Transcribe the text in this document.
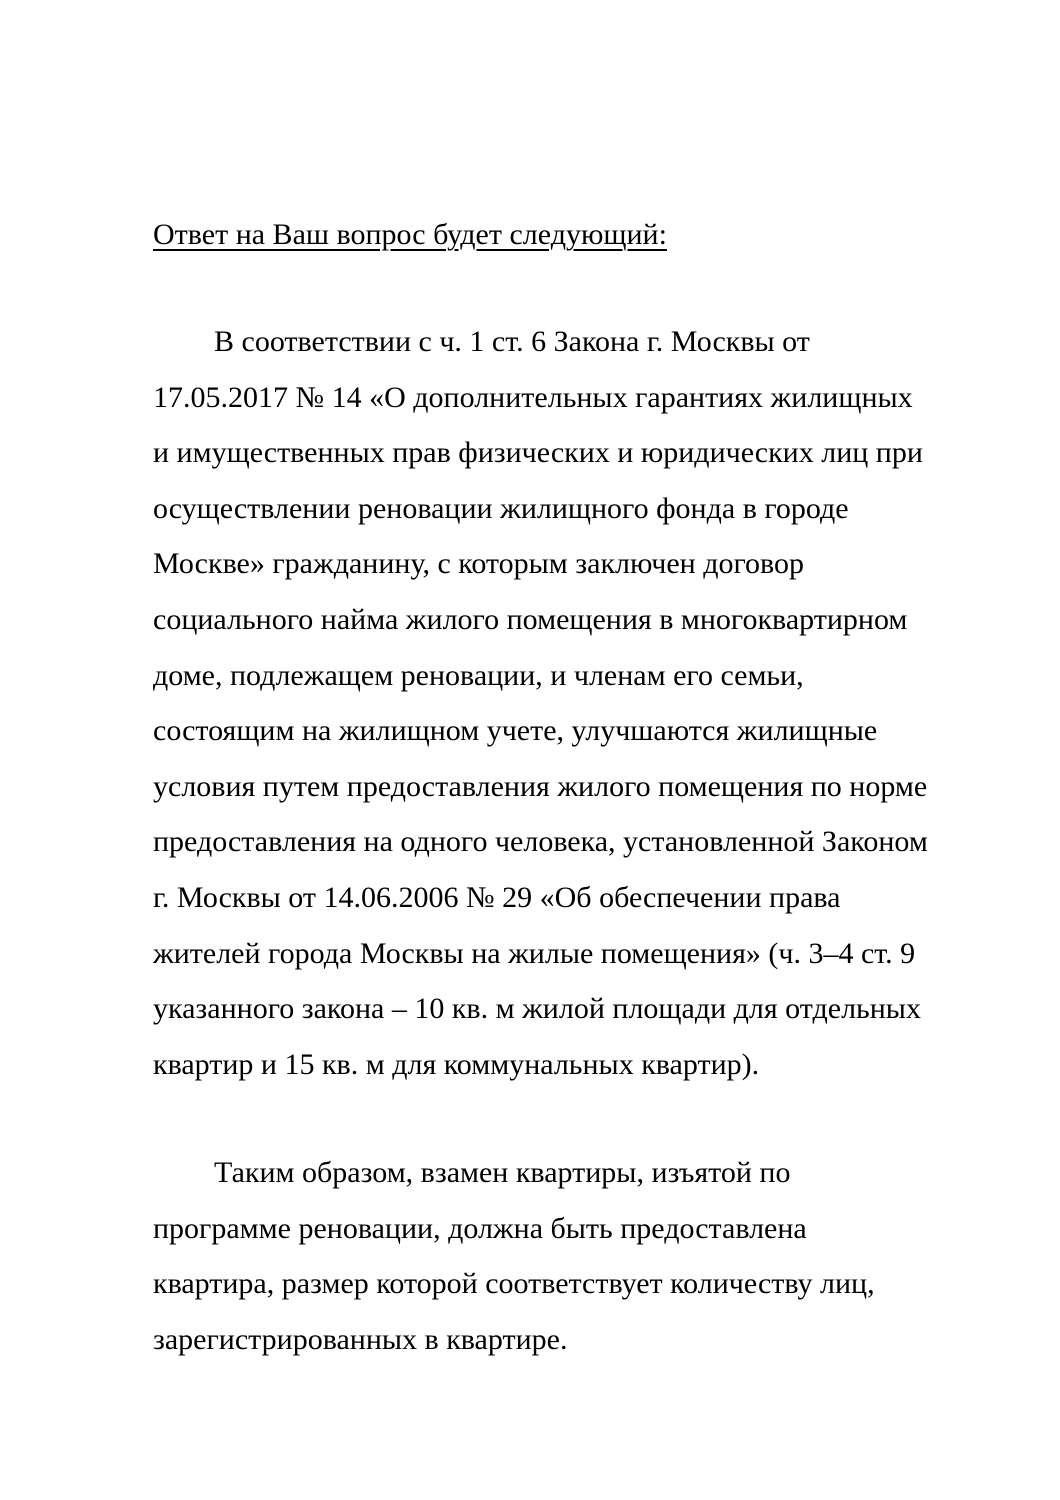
Ответ на Ваш вопрос будет следующий:

В соответствии с ч. 1 ст. 6 Закона г. Москвы от
17.05.2017 № 14 «О дополнительных гарантиях жилищных
и имущественных прав физических и юридических лиц при
осуществлении реновации жилищного фонда в городе
Москве» гражданину, с которым заключен договор
социального найма жилого помещения в многоквартирном
доме, подлежащем реновации, и членам его семьи,
состоящим на жилищном учете, улучшаются жилищные
условия путем предоставления жилого помещения по норме
предоставления на одного человека, установленной Законом
г. Москвы от 14.06.2006 № 29 «Об обеспечении права
жителей города Москвы на жилые помещения» (ч. 3–4 ст. 9
указанного закона – 10 кв. м жилой площади для отдельных
квартир и 15 кв. м для коммунальных квартир).
Таким образом, взамен квартиры, изъятой по
программе реновации, должна быть предоставлена
квартира, размер которой соответствует количеству лиц,
зарегистрированных в квартире.
